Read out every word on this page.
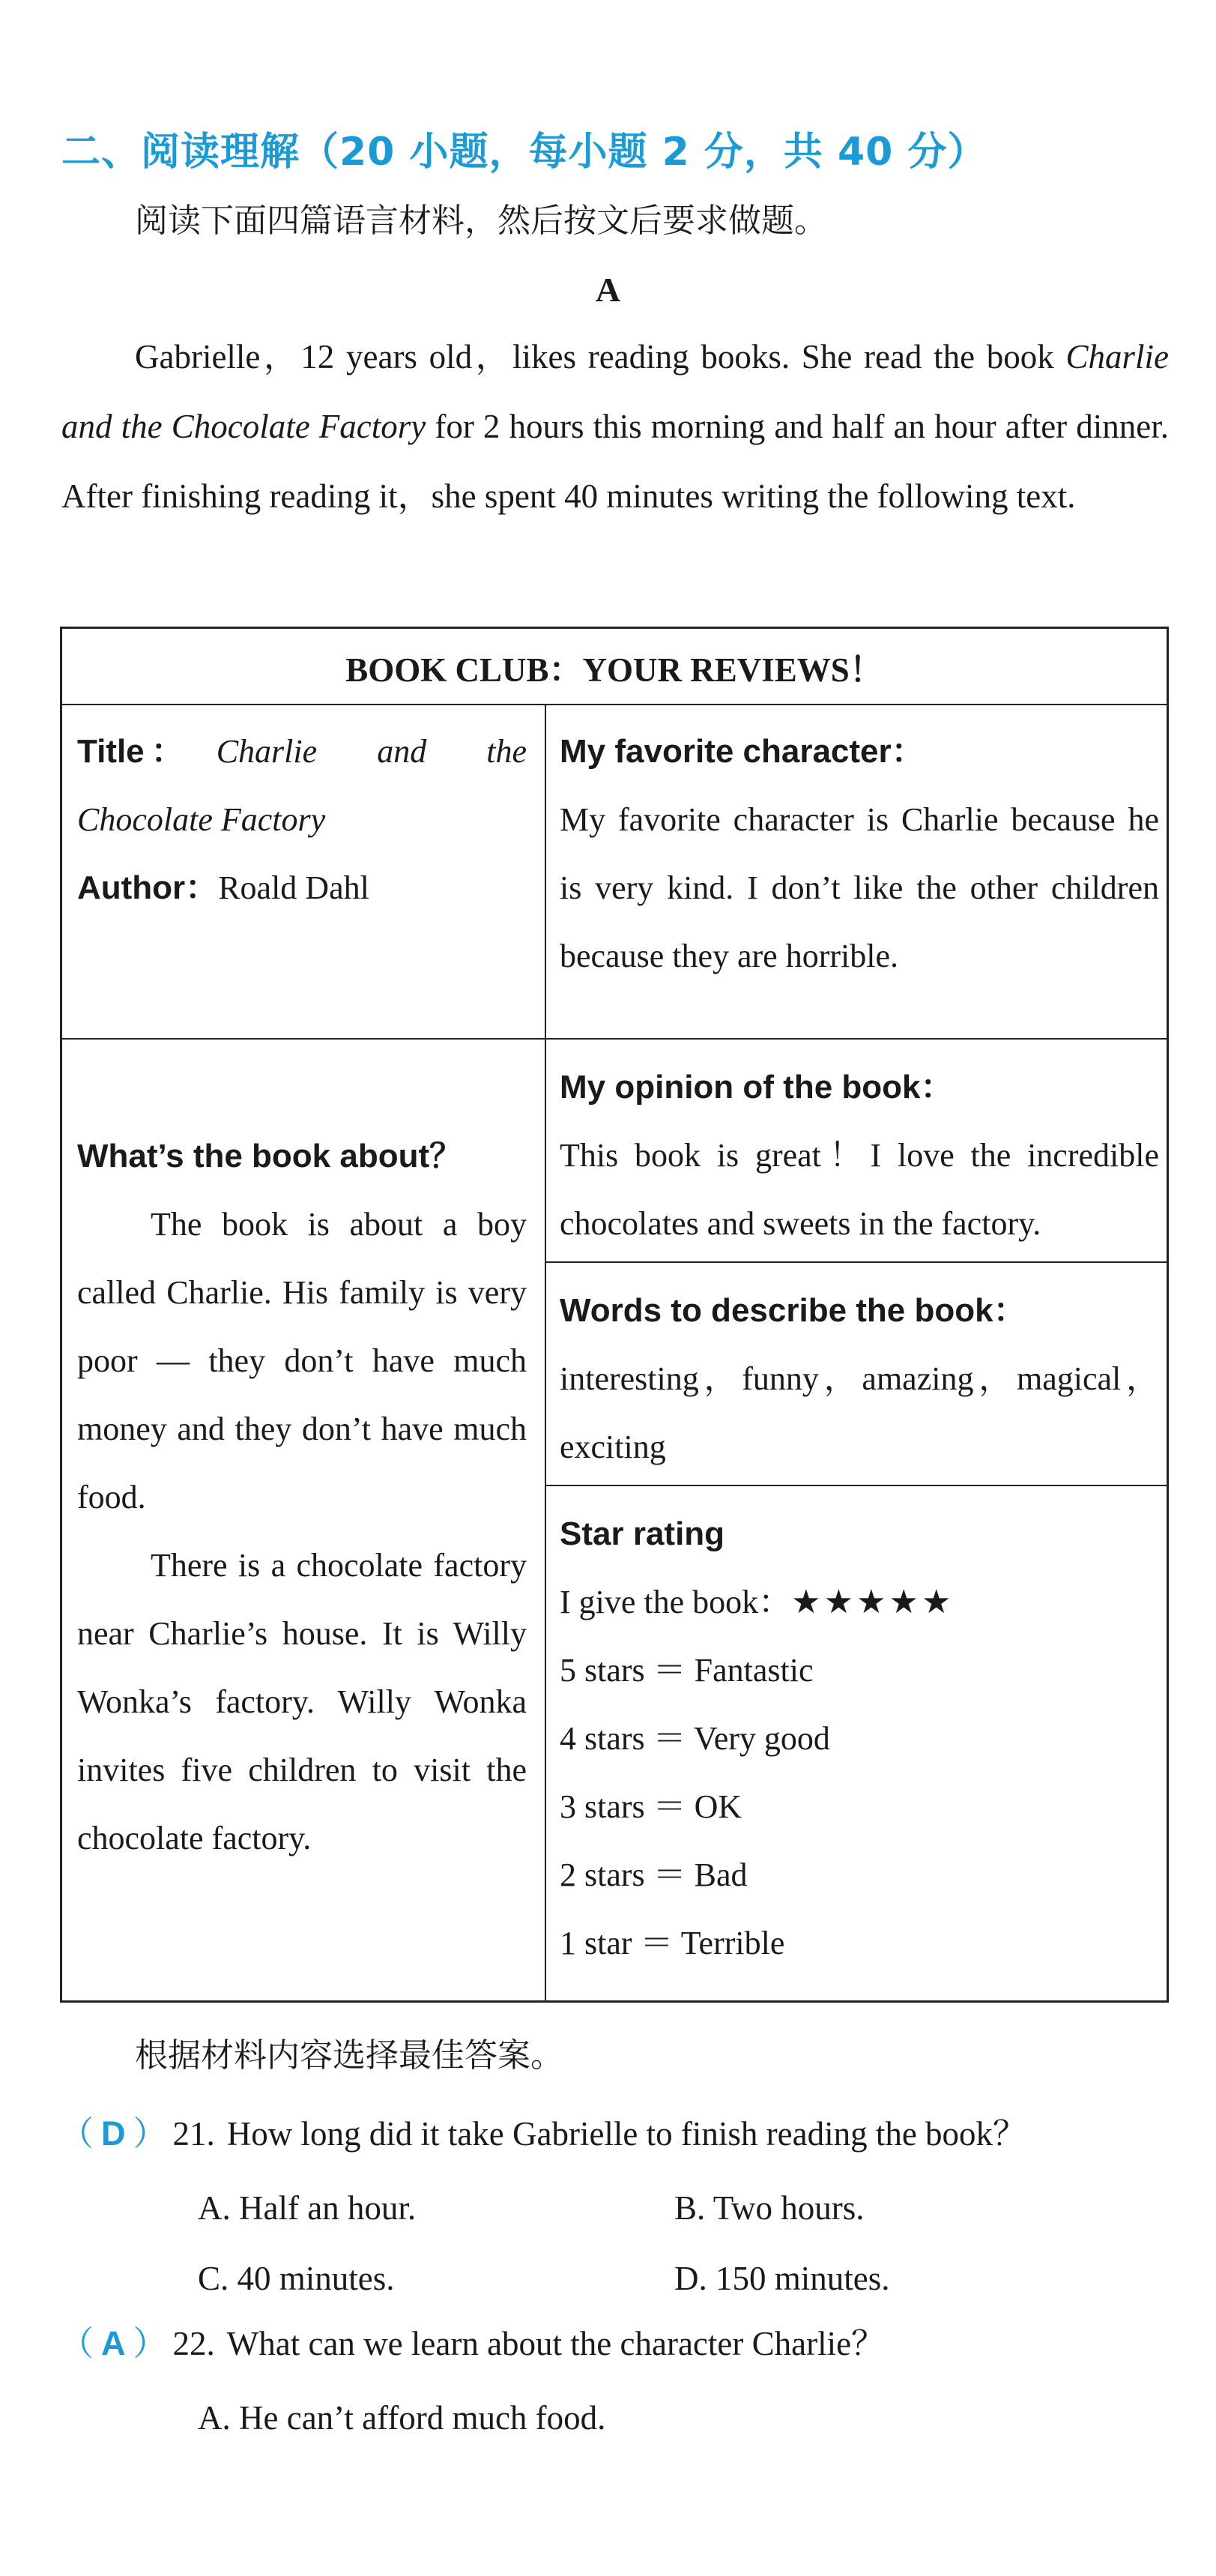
二、阅读理解（20 小题，每小题 2 分，共 40 分）
阅读下面四篇语言材料，然后按文后要求做题。
A

Gabrielle，12 years old，likes reading books. She read the book Charlie and the Chocolate Factory for 2 hours this morning and half an hour after dinner. After finishing reading it，she spent 40 minutes writing the following text.

BOOK CLUB：YOUR REVIEWS！

Title： Charlie    and    the

Chocolate Factory

Author：Roald Dahl

My favorite character：

My favorite character is Charlie because he is very kind. I don’t like the other children because they are horrible.

What’s the book about？

The book is about a boy called Charlie. His family is very poor — they don’t have much money and they don’t have much food.

There is a chocolate factory near Charlie’s house. It is Willy Wonka’s factory. Willy Wonka invites five children to visit the chocolate factory.

My opinion of the book：

This book is great！I love the incredible chocolates and sweets in the factory.

Words to describe the book：

interesting，funny，amazing，magical，exciting

Star rating

I give the book：★★★★★

5 stars ＝ Fantastic

4 stars ＝ Very good

3 stars ＝ OK

2 stars ＝ Bad

1 star ＝ Terrible

根据材料内容选择最佳答案。
（ D ） 21. How long did it take Gabrielle to finish reading the book？
A. Half an hour.	B. Two hours.
C. 40 minutes.	D. 150 minutes.
（ A ） 22. What can we learn about the character Charlie？
A. He can’t afford much food.
